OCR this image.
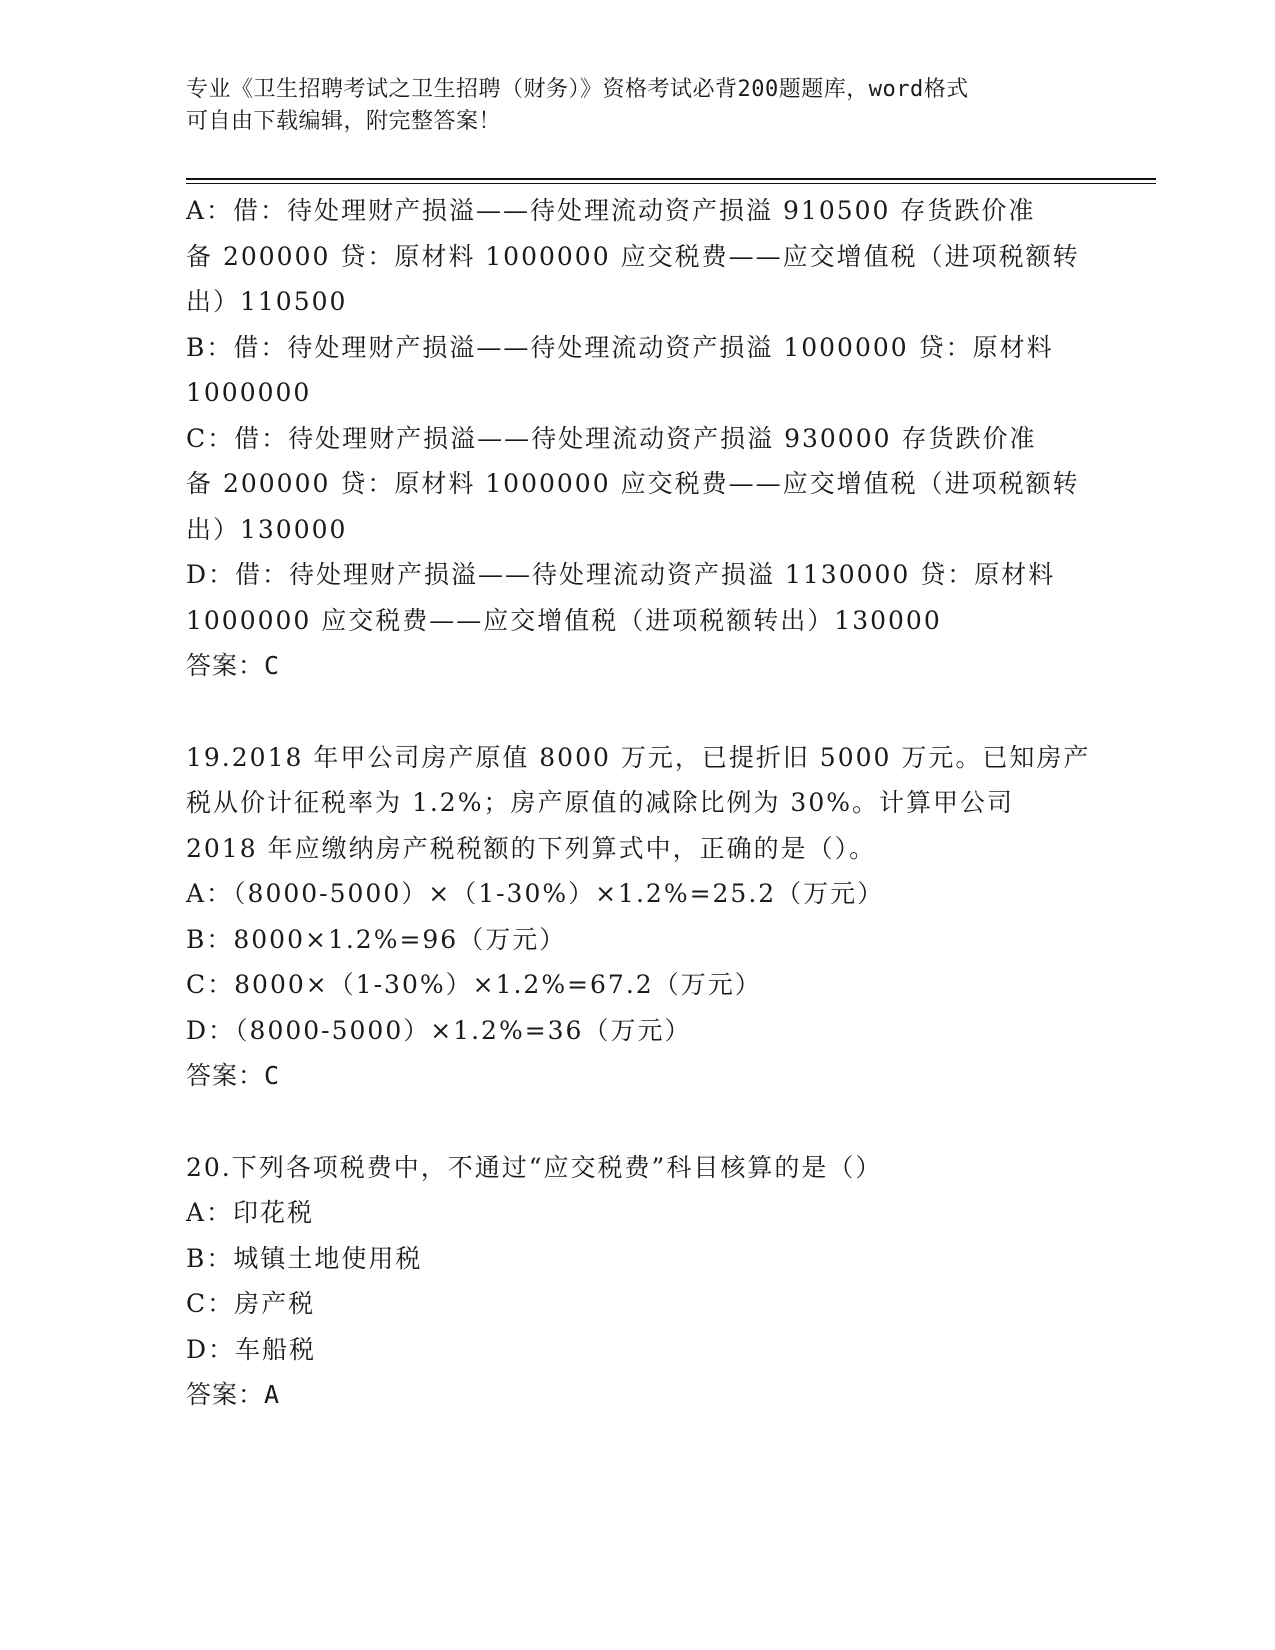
专业《卫生招聘考试之卫生招聘（财务）》资格考试必背200题题库，word格式
可自由下载编辑，附完整答案！
A：借：待处理财产损溢——待处理流动资产损溢 910500 存货跌价准
备 200000 贷：原材料 1000000 应交税费——应交增值税（进项税额转
出）110500
B：借：待处理财产损溢——待处理流动资产损溢 1000000 贷：原材料
1000000
C：借：待处理财产损溢——待处理流动资产损溢 930000 存货跌价准
备 200000 贷：原材料 1000000 应交税费——应交增值税（进项税额转
出）130000
D：借：待处理财产损溢——待处理流动资产损溢 1130000 贷：原材料
1000000 应交税费——应交增值税（进项税额转出）130000
答案：C
19.2018 年甲公司房产原值 8000 万元，已提折旧 5000 万元。已知房产
税从价计征税率为 1.2%；房产原值的减除比例为 30%。计算甲公司
2018 年应缴纳房产税税额的下列算式中，正确的是（）。
A：（8000-5000）×（1-30%）×1.2%=25.2（万元）
B：8000×1.2%=96（万元）
C：8000×（1-30%）×1.2%=67.2（万元）
D：（8000-5000）×1.2%=36（万元）
答案：C
20.下列各项税费中，不通过“应交税费”科目核算的是（）
A：印花税
B：城镇土地使用税
C：房产税
D：车船税
答案：A
